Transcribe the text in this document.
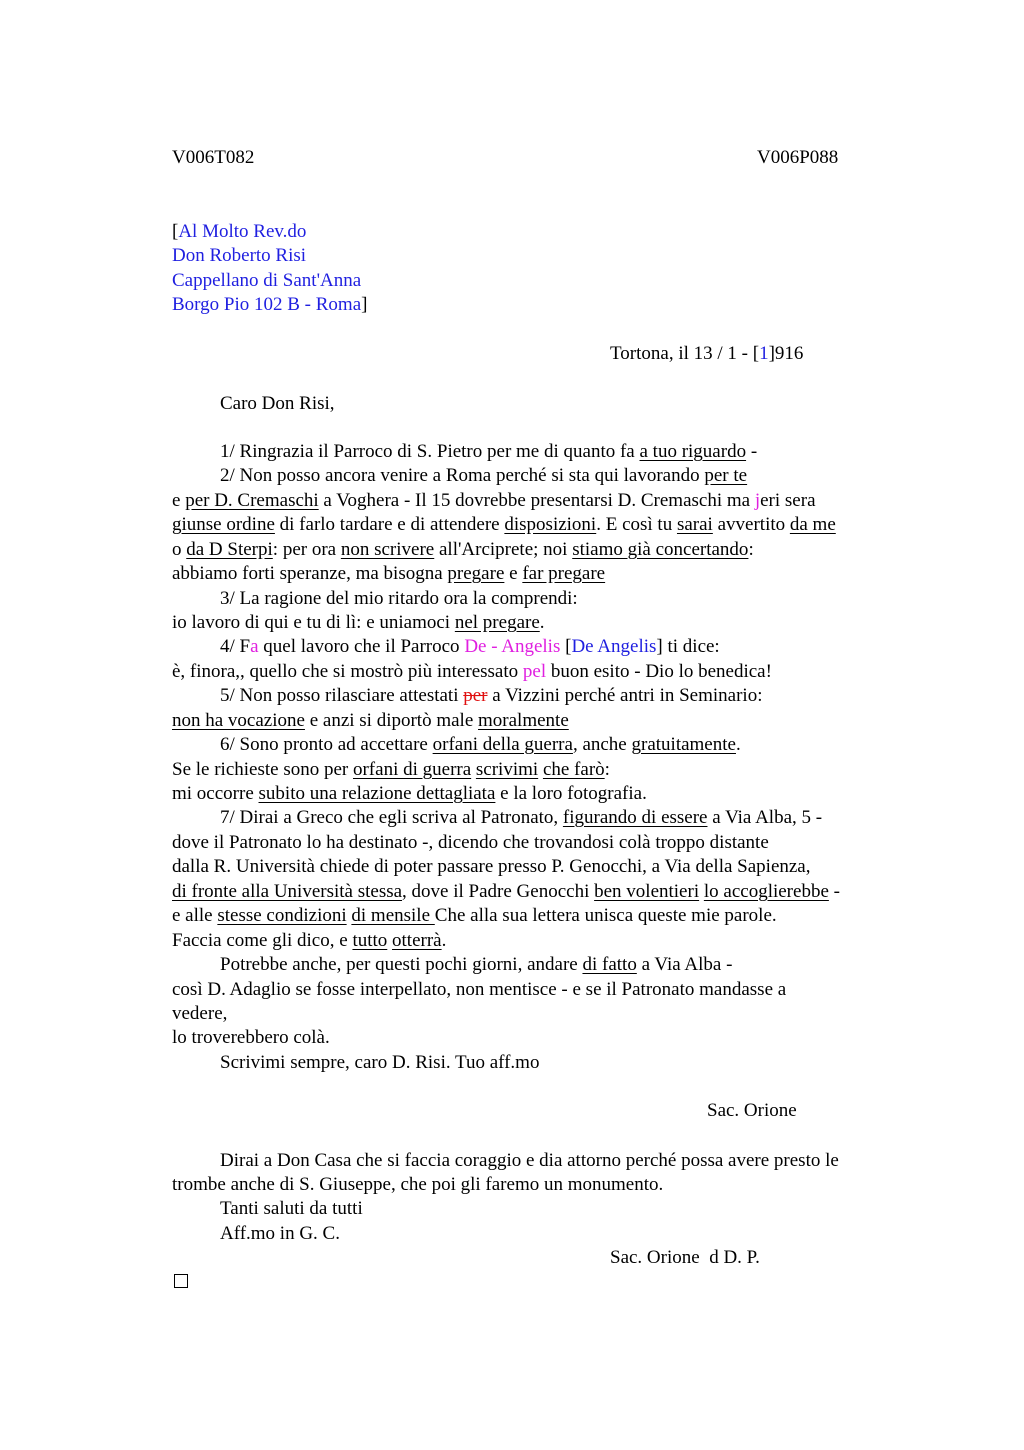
V006T082	V006P088
[Al Molto Rev.do
Don Roberto Risi
Cappellano di Sant'Anna
Borgo Pio 102 B - Roma]
Tortona, il 13 / 1 - [1]916
Caro Don Risi,
1/ Ringrazia il Parroco di S. Pietro per me di quanto fa a tuo riguardo -
2/ Non posso ancora venire a Roma perché si sta qui lavorando per te
e per D. Cremaschi a Voghera - Il 15 dovrebbe presentarsi D. Cremaschi ma jeri sera
giunse ordine di farlo tardare e di attendere disposizioni. E così tu sarai avvertito da me
o da D Sterpi: per ora non scrivere all'Arciprete; noi stiamo già concertando:
abbiamo forti speranze, ma bisogna pregare e far pregare
3/ La ragione del mio ritardo ora la comprendi:
io lavoro di qui e tu di lì: e uniamoci nel pregare.
4/ Fa quel lavoro che il Parroco De - Angelis [De Angelis] ti dice:
è, finora,, quello che si mostrò più interessato pel buon esito - Dio lo benedica!
5/ Non posso rilasciare attestati per a Vizzini perché antri in Seminario:
non ha vocazione e anzi si diportò male moralmente
6/ Sono pronto ad accettare orfani della guerra, anche gratuitamente.
Se le richieste sono per orfani di guerra scrivimi che farò:
mi occorre subito una relazione dettagliata e la loro fotografia.
7/ Dirai a Greco che egli scriva al Patronato, figurando di essere a Via Alba, 5 -
dove il Patronato lo ha destinato -, dicendo che trovandosi colà troppo distante
dalla R. Università chiede di poter passare presso P. Genocchi, a Via della Sapienza,
di fronte alla Università stessa, dove il Padre Genocchi ben volentieri lo accoglierebbe -
e alle stesse condizioni di mensile Che alla sua lettera unisca queste mie parole.
Faccia come gli dico, e tutto otterrà.
Potrebbe anche, per questi pochi giorni, andare di fatto a Via Alba -
così D. Adaglio se fosse interpellato, non mentisce - e se il Patronato mandasse a
vedere,
lo troverebbero colà.
Scrivimi sempre, caro D. Risi. Tuo aff.mo
Sac. Orione
Dirai a Don Casa che si faccia coraggio e dia attorno perché possa avere presto le
trombe anche di S. Giuseppe, che poi gli faremo un monumento.
Tanti saluti da tutti
Aff.mo in G. C.
Sac. Orione  d D. P.
